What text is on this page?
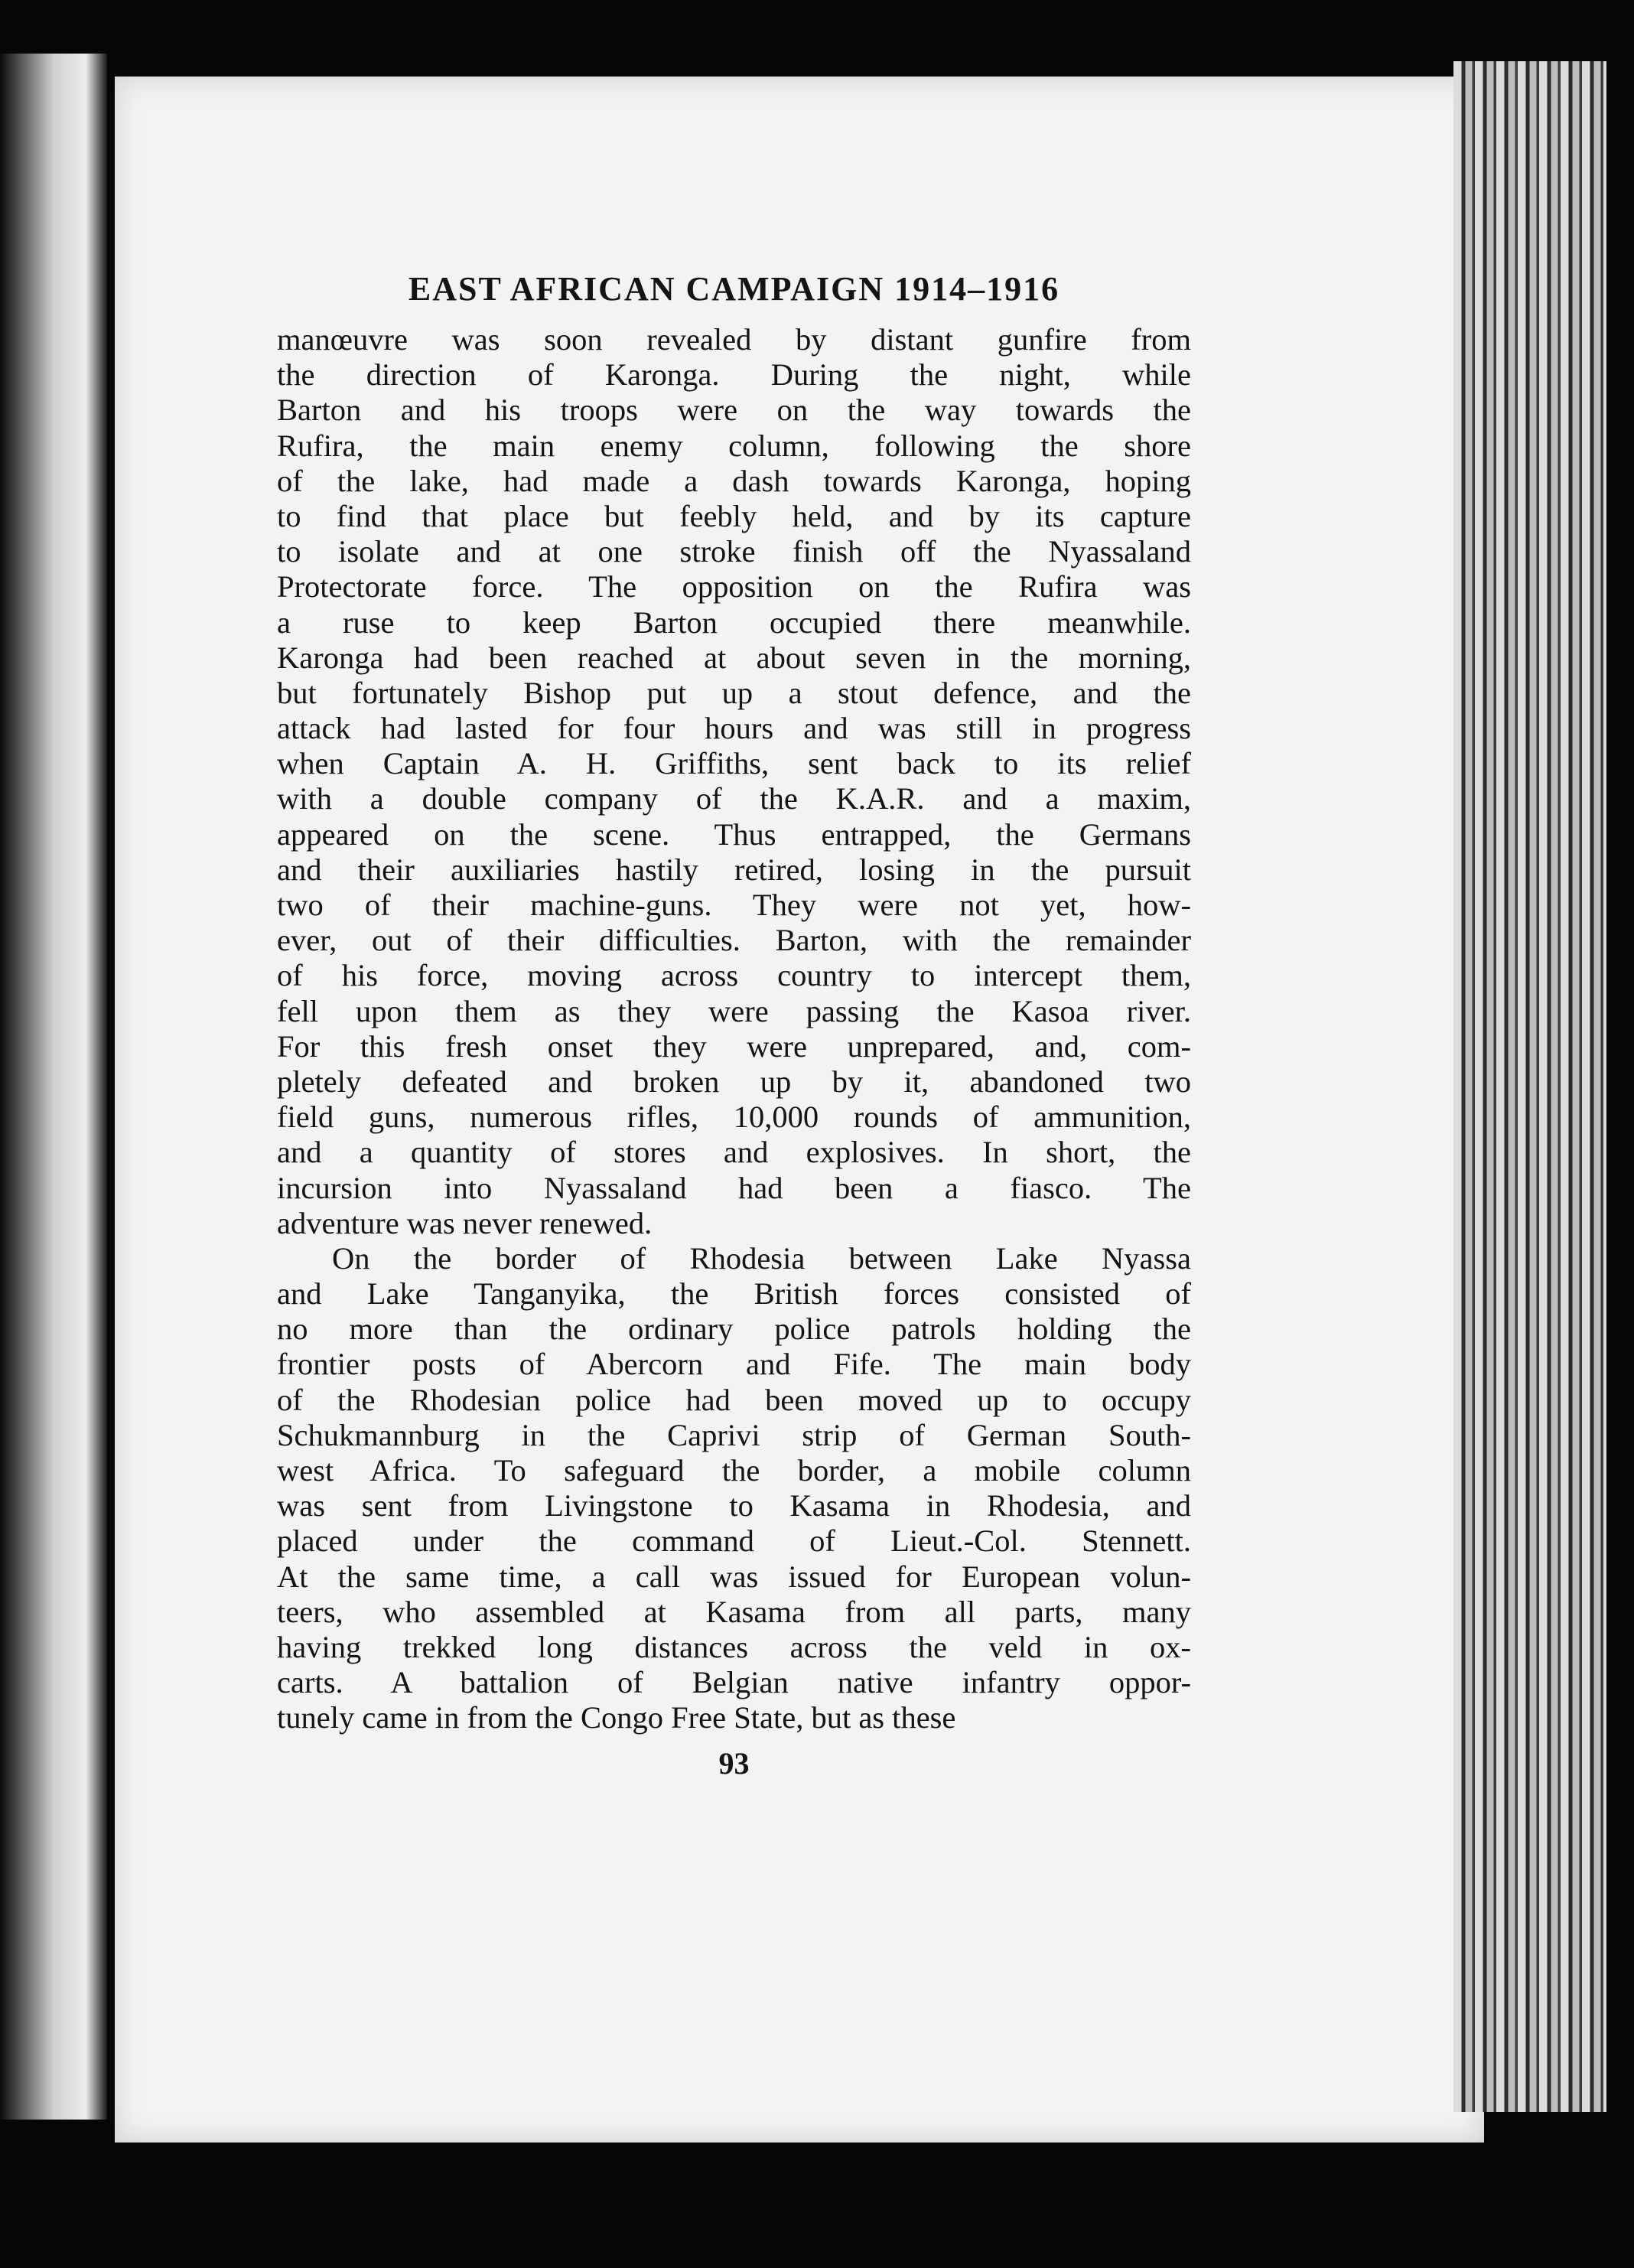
EAST AFRICAN CAMPAIGN 1914–1916
manœuvre was soon revealed by distant gunfire from
the direction of Karonga. During the night, while
Barton and his troops were on the way towards the
Rufira, the main enemy column, following the shore
of the lake, had made a dash towards Karonga, hoping
to find that place but feebly held, and by its capture
to isolate and at one stroke finish off the Nyassaland
Protectorate force. The opposition on the Rufira was
a ruse to keep Barton occupied there meanwhile.
Karonga had been reached at about seven in the morning,
but fortunately Bishop put up a stout defence, and the
attack had lasted for four hours and was still in progress
when Captain A. H. Griffiths, sent back to its relief
with a double company of the K.A.R. and a maxim,
appeared on the scene. Thus entrapped, the Germans
and their auxiliaries hastily retired, losing in the pursuit
two of their machine-guns. They were not yet, how-
ever, out of their difficulties. Barton, with the remainder
of his force, moving across country to intercept them,
fell upon them as they were passing the Kasoa river.
For this fresh onset they were unprepared, and, com-
pletely defeated and broken up by it, abandoned two
field guns, numerous rifles, 10,000 rounds of ammunition,
and a quantity of stores and explosives. In short, the
incursion into Nyassaland had been a fiasco. The
adventure was never renewed.
On the border of Rhodesia between Lake Nyassa
and Lake Tanganyika, the British forces consisted of
no more than the ordinary police patrols holding the
frontier posts of Abercorn and Fife. The main body
of the Rhodesian police had been moved up to occupy
Schukmannburg in the Caprivi strip of German South-
west Africa. To safeguard the border, a mobile column
was sent from Livingstone to Kasama in Rhodesia, and
placed under the command of Lieut.-Col. Stennett.
At the same time, a call was issued for European volun-
teers, who assembled at Kasama from all parts, many
having trekked long distances across the veld in ox-
carts. A battalion of Belgian native infantry oppor-
tunely came in from the Congo Free State, but as these
93
